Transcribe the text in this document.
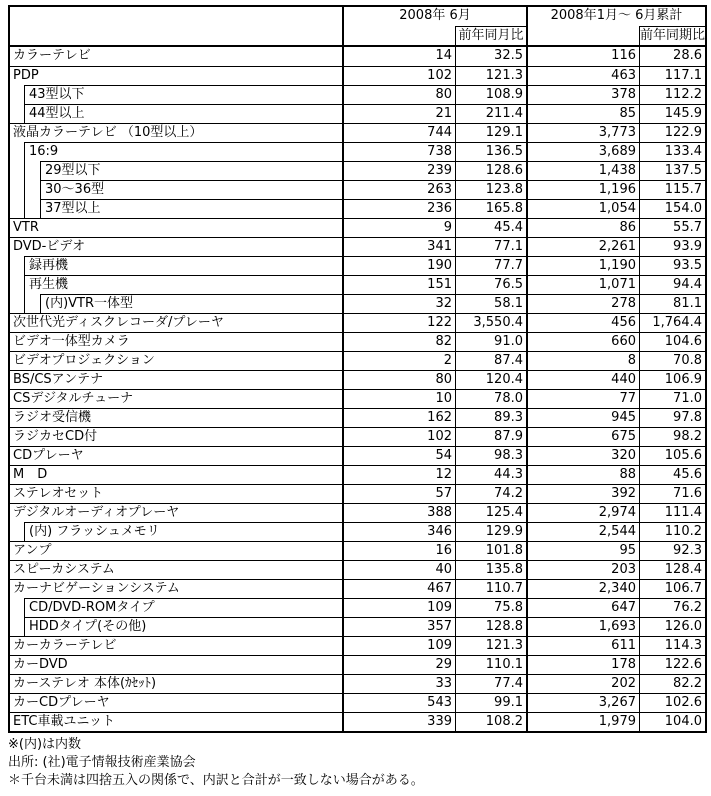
2008年 6月	2008年1月～ 6月累計
前年同月比	前年同期比
カラーテレビ	14	32.5	116	28.6
PDP	102	121.3	463	117.1
43型以下	80	108.9	378	112.2
44型以上	21	211.4	85	145.9
液晶カラーテレビ （10型以上）	744	129.1	3,773	122.9
16:9	738	136.5	3,689	133.4
29型以下	239	128.6	1,438	137.5
30～36型	263	123.8	1,196	115.7
37型以上	236	165.8	1,054	154.0
VTR	9	45.4	86	55.7
DVD-ビデオ	341	77.1	2,261	93.9
録再機	190	77.7	1,190	93.5
再生機	151	76.5	1,071	94.4
(内)VTR一体型	32	58.1	278	81.1
次世代光ディスクレコーダ/プレーヤ	122	3,550.4	456	1,764.4
ビデオ一体型カメラ	82	91.0	660	104.6
ビデオプロジェクション	2	87.4	8	70.8
BS/CSアンテナ	80	120.4	440	106.9
CSデジタルチューナ	10	78.0	77	71.0
ラジオ受信機	162	89.3	945	97.8
ラジカセCD付	102	87.9	675	98.2
CDプレーヤ	54	98.3	320	105.6
M　D	12	44.3	88	45.6
ステレオセット	57	74.2	392	71.6
デジタルオーディオプレーヤ	388	125.4	2,974	111.4
(内) フラッシュメモリ	346	129.9	2,544	110.2
アンプ	16	101.8	95	92.3
スピーカシステム	40	135.8	203	128.4
カーナビゲーションシステム	467	110.7	2,340	106.7
CD/DVD-ROMタイプ	109	75.8	647	76.2
HDDタイプ(その他)	357	128.8	1,693	126.0
カーカラーテレビ	109	121.3	611	114.3
カーDVD	29	110.1	178	122.6
カーステレオ 本体(ｶｾｯﾄ)	33	77.4	202	82.2
カーCDプレーヤ	543	99.1	3,267	102.6
ETC車載ユニット	339	108.2	1,979	104.0
※(内)は内数
出所: (社)電子情報技術産業協会
＊千台未満は四捨五入の関係で、内訳と合計が一致しない場合がある。
